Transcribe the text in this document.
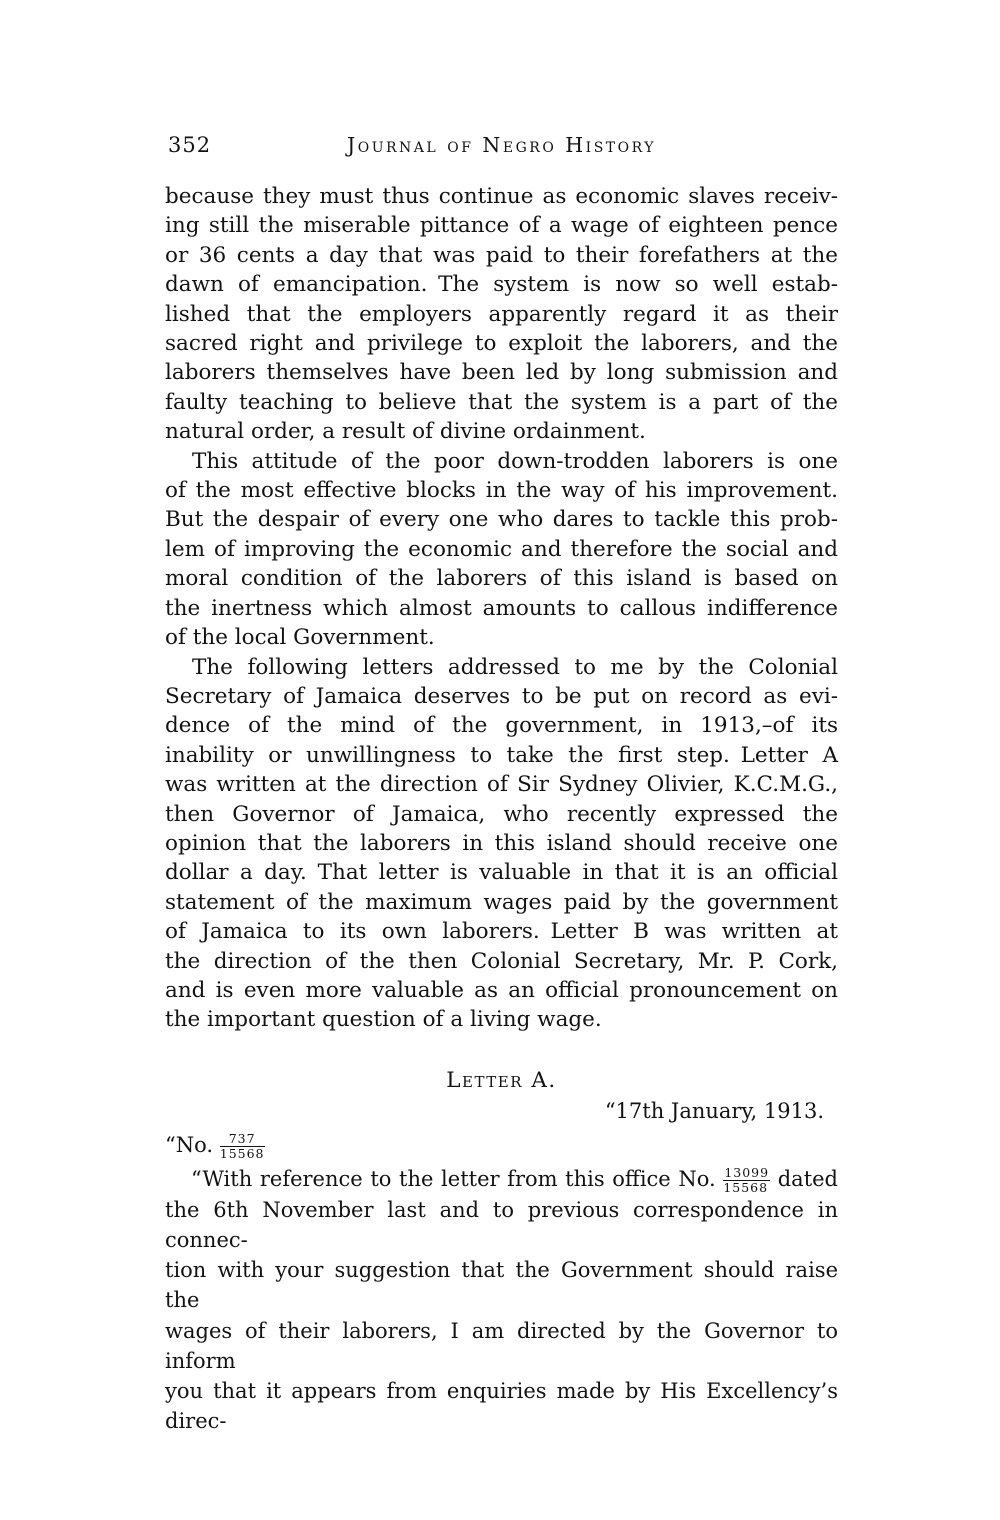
352	Journal of Negro History
because they must thus continue as economic slaves receiv-
ing still the miserable pittance of a wage of eighteen pence
or 36 cents a day that was paid to their forefathers at the
dawn of emancipation. The system is now so well estab-
lished that the employers apparently regard it as their
sacred right and privilege to exploit the laborers, and the
laborers themselves have been led by long submission and
faulty teaching to believe that the system is a part of the
natural order, a result of divine ordainment.
This attitude of the poor down-trodden laborers is one
of the most effective blocks in the way of his improvement.
But the despair of every one who dares to tackle this prob-
lem of improving the economic and therefore the social and
moral condition of the laborers of this island is based on
the inertness which almost amounts to callous indifference
of the local Government.
The following letters addressed to me by the Colonial
Secretary of Jamaica deserves to be put on record as evi-
dence of the mind of the government, in 1913,–of its
inability or unwillingness to take the first step. Letter A
was written at the direction of Sir Sydney Olivier, K.C.M.G.,
then Governor of Jamaica, who recently expressed the
opinion that the laborers in this island should receive one
dollar a day. That letter is valuable in that it is an official
statement of the maximum wages paid by the government
of Jamaica to its own laborers. Letter B was written at
the direction of the then Colonial Secretary, Mr. P. Cork,
and is even more valuable as an official pronouncement on
the important question of a living wage.
Letter A.
“17th January, 1913.
“No. $\frac{737}{15568}$
“With reference to the letter from this office No. $\frac{13099}{15568}$ dated
the 6th November last and to previous correspondence in connec-
tion with your suggestion that the Government should raise the
wages of their laborers, I am directed by the Governor to inform
you that it appears from enquiries made by His Excellency’s direc-
